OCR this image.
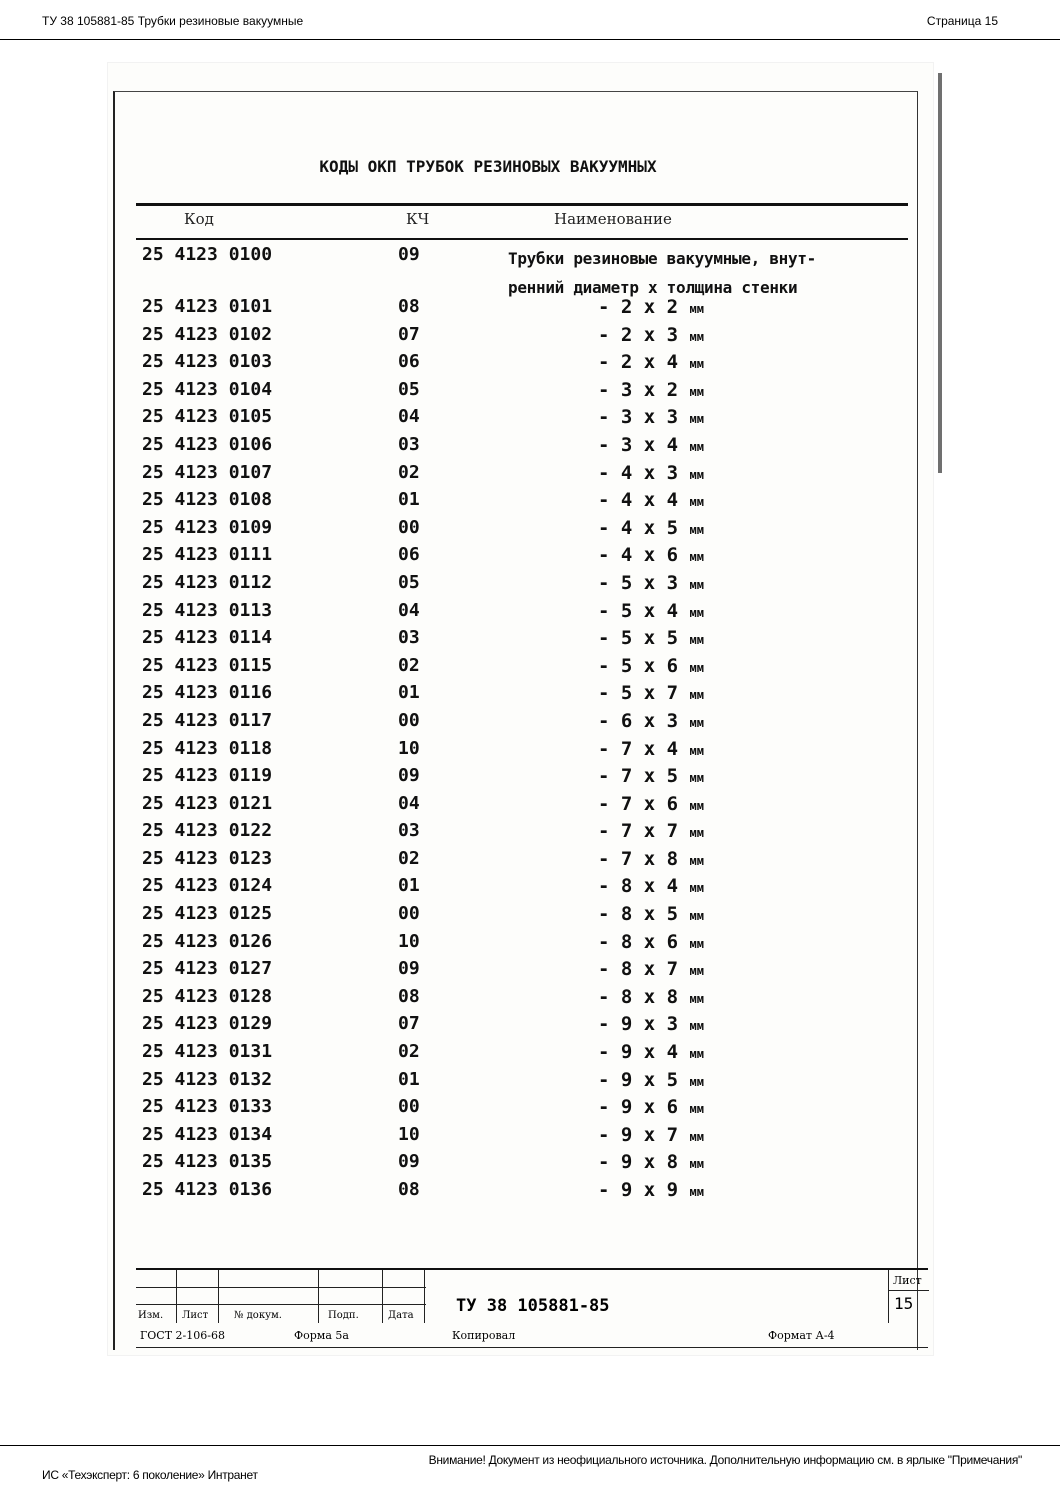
ТУ 38 105881-85 Трубки резиновые вакуумные	Страница 15
КОДЫ ОКП ТРУБОК РЕЗИНОВЫХ ВАКУУМНЫХ
Код	КЧ	Наименование
25 4123 0100	09	Трубки резиновые вакуумные, внут-
ренний диаметр х толщина стенки
25 4123 0101	08	- 2 x 2 мм
25 4123 0102	07	- 2 x 3 мм
25 4123 0103	06	- 2 x 4 мм
25 4123 0104	05	- 3 x 2 мм
25 4123 0105	04	- 3 x 3 мм
25 4123 0106	03	- 3 x 4 мм
25 4123 0107	02	- 4 x 3 мм
25 4123 0108	01	- 4 x 4 мм
25 4123 0109	00	- 4 x 5 мм
25 4123 0111	06	- 4 x 6 мм
25 4123 0112	05	- 5 x 3 мм
25 4123 0113	04	- 5 x 4 мм
25 4123 0114	03	- 5 x 5 мм
25 4123 0115	02	- 5 x 6 мм
25 4123 0116	01	- 5 x 7 мм
25 4123 0117	00	- 6 x 3 мм
25 4123 0118	10	- 7 x 4 мм
25 4123 0119	09	- 7 x 5 мм
25 4123 0121	04	- 7 x 6 мм
25 4123 0122	03	- 7 x 7 мм
25 4123 0123	02	- 7 x 8 мм
25 4123 0124	01	- 8 x 4 мм
25 4123 0125	00	- 8 x 5 мм
25 4123 0126	10	- 8 x 6 мм
25 4123 0127	09	- 8 x 7 мм
25 4123 0128	08	- 8 x 8 мм
25 4123 0129	07	- 9 x 3 мм
25 4123 0131	02	- 9 x 4 мм
25 4123 0132	01	- 9 x 5 мм
25 4123 0133	00	- 9 x 6 мм
25 4123 0134	10	- 9 x 7 мм
25 4123 0135	09	- 9 x 8 мм
25 4123 0136	08	- 9 x 9 мм
Изм. Лист	№ докум.	Подп.	Дата ТУ 38 105881-85
Лист
15
ГОСТ 2-106-68	Форма 5а	Копировал	Формат А-4
Внимание! Документ из неофициального источника. Дополнительную информацию см. в ярлыке "Примечания"
ИС «Техэксперт: 6 поколение» Интранет
